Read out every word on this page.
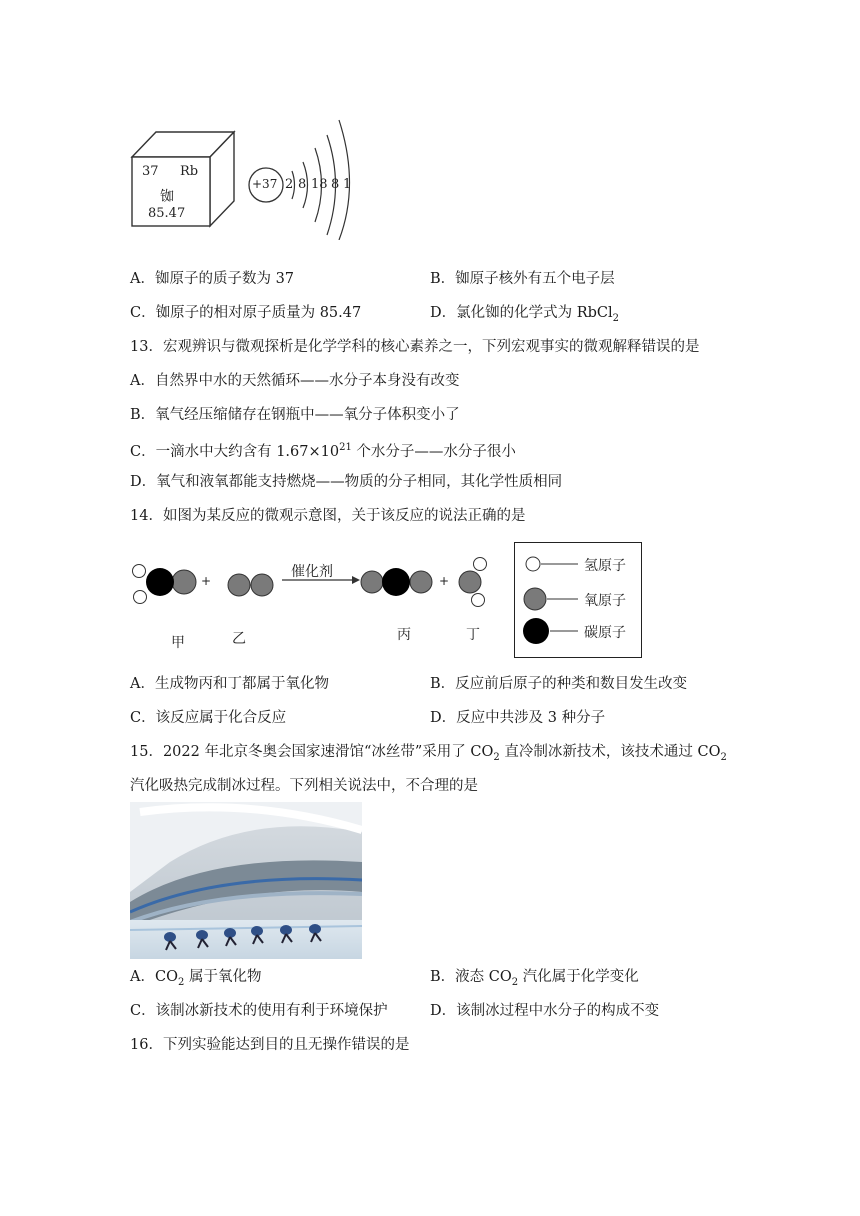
37 Rb
铷
85.47
+37 2 8 18 8 1
A．铷原子的质子数为 37	B．铷原子核外有五个电子层
C．铷原子的相对原子质量为 85.47	D．氯化铷的化学式为 RbCl$_2$
13．宏观辨识与微观探析是化学学科的核心素养之一，下列宏观事实的微观解释错误的是
A．自然界中水的天然循环——水分子本身没有改变
B．氧气经压缩储存在钢瓶中——氧分子体积变小了
C．一滴水中大约含有 $1.67\times 10^{21}$ 个水分子——水分子很小
D．氧气和液氧都能支持燃烧——物质的分子相同，其化学性质相同
14．如图为某反应的微观示意图，关于该反应的说法正确的是
+	+
催化剂
甲	乙	丙	丁
氢原子
氧原子
碳原子
A．生成物丙和丁都属于氧化物	B．反应前后原子的种类和数目发生改变
C．该反应属于化合反应	D．反应中共涉及 3 种分子
15．2022 年北京冬奥会国家速滑馆“冰丝带”采用了 $CO_2$ 直冷制冰新技术，该技术通过 $CO_2$
汽化吸热完成制冰过程。下列相关说法中，不合理的是
A．$CO_2$ 属于氧化物	B．液态 $CO_2$ 汽化属于化学变化
C．该制冰新技术的使用有利于环境保护	D．该制冰过程中水分子的构成不变
16．下列实验能达到目的且无操作错误的是
